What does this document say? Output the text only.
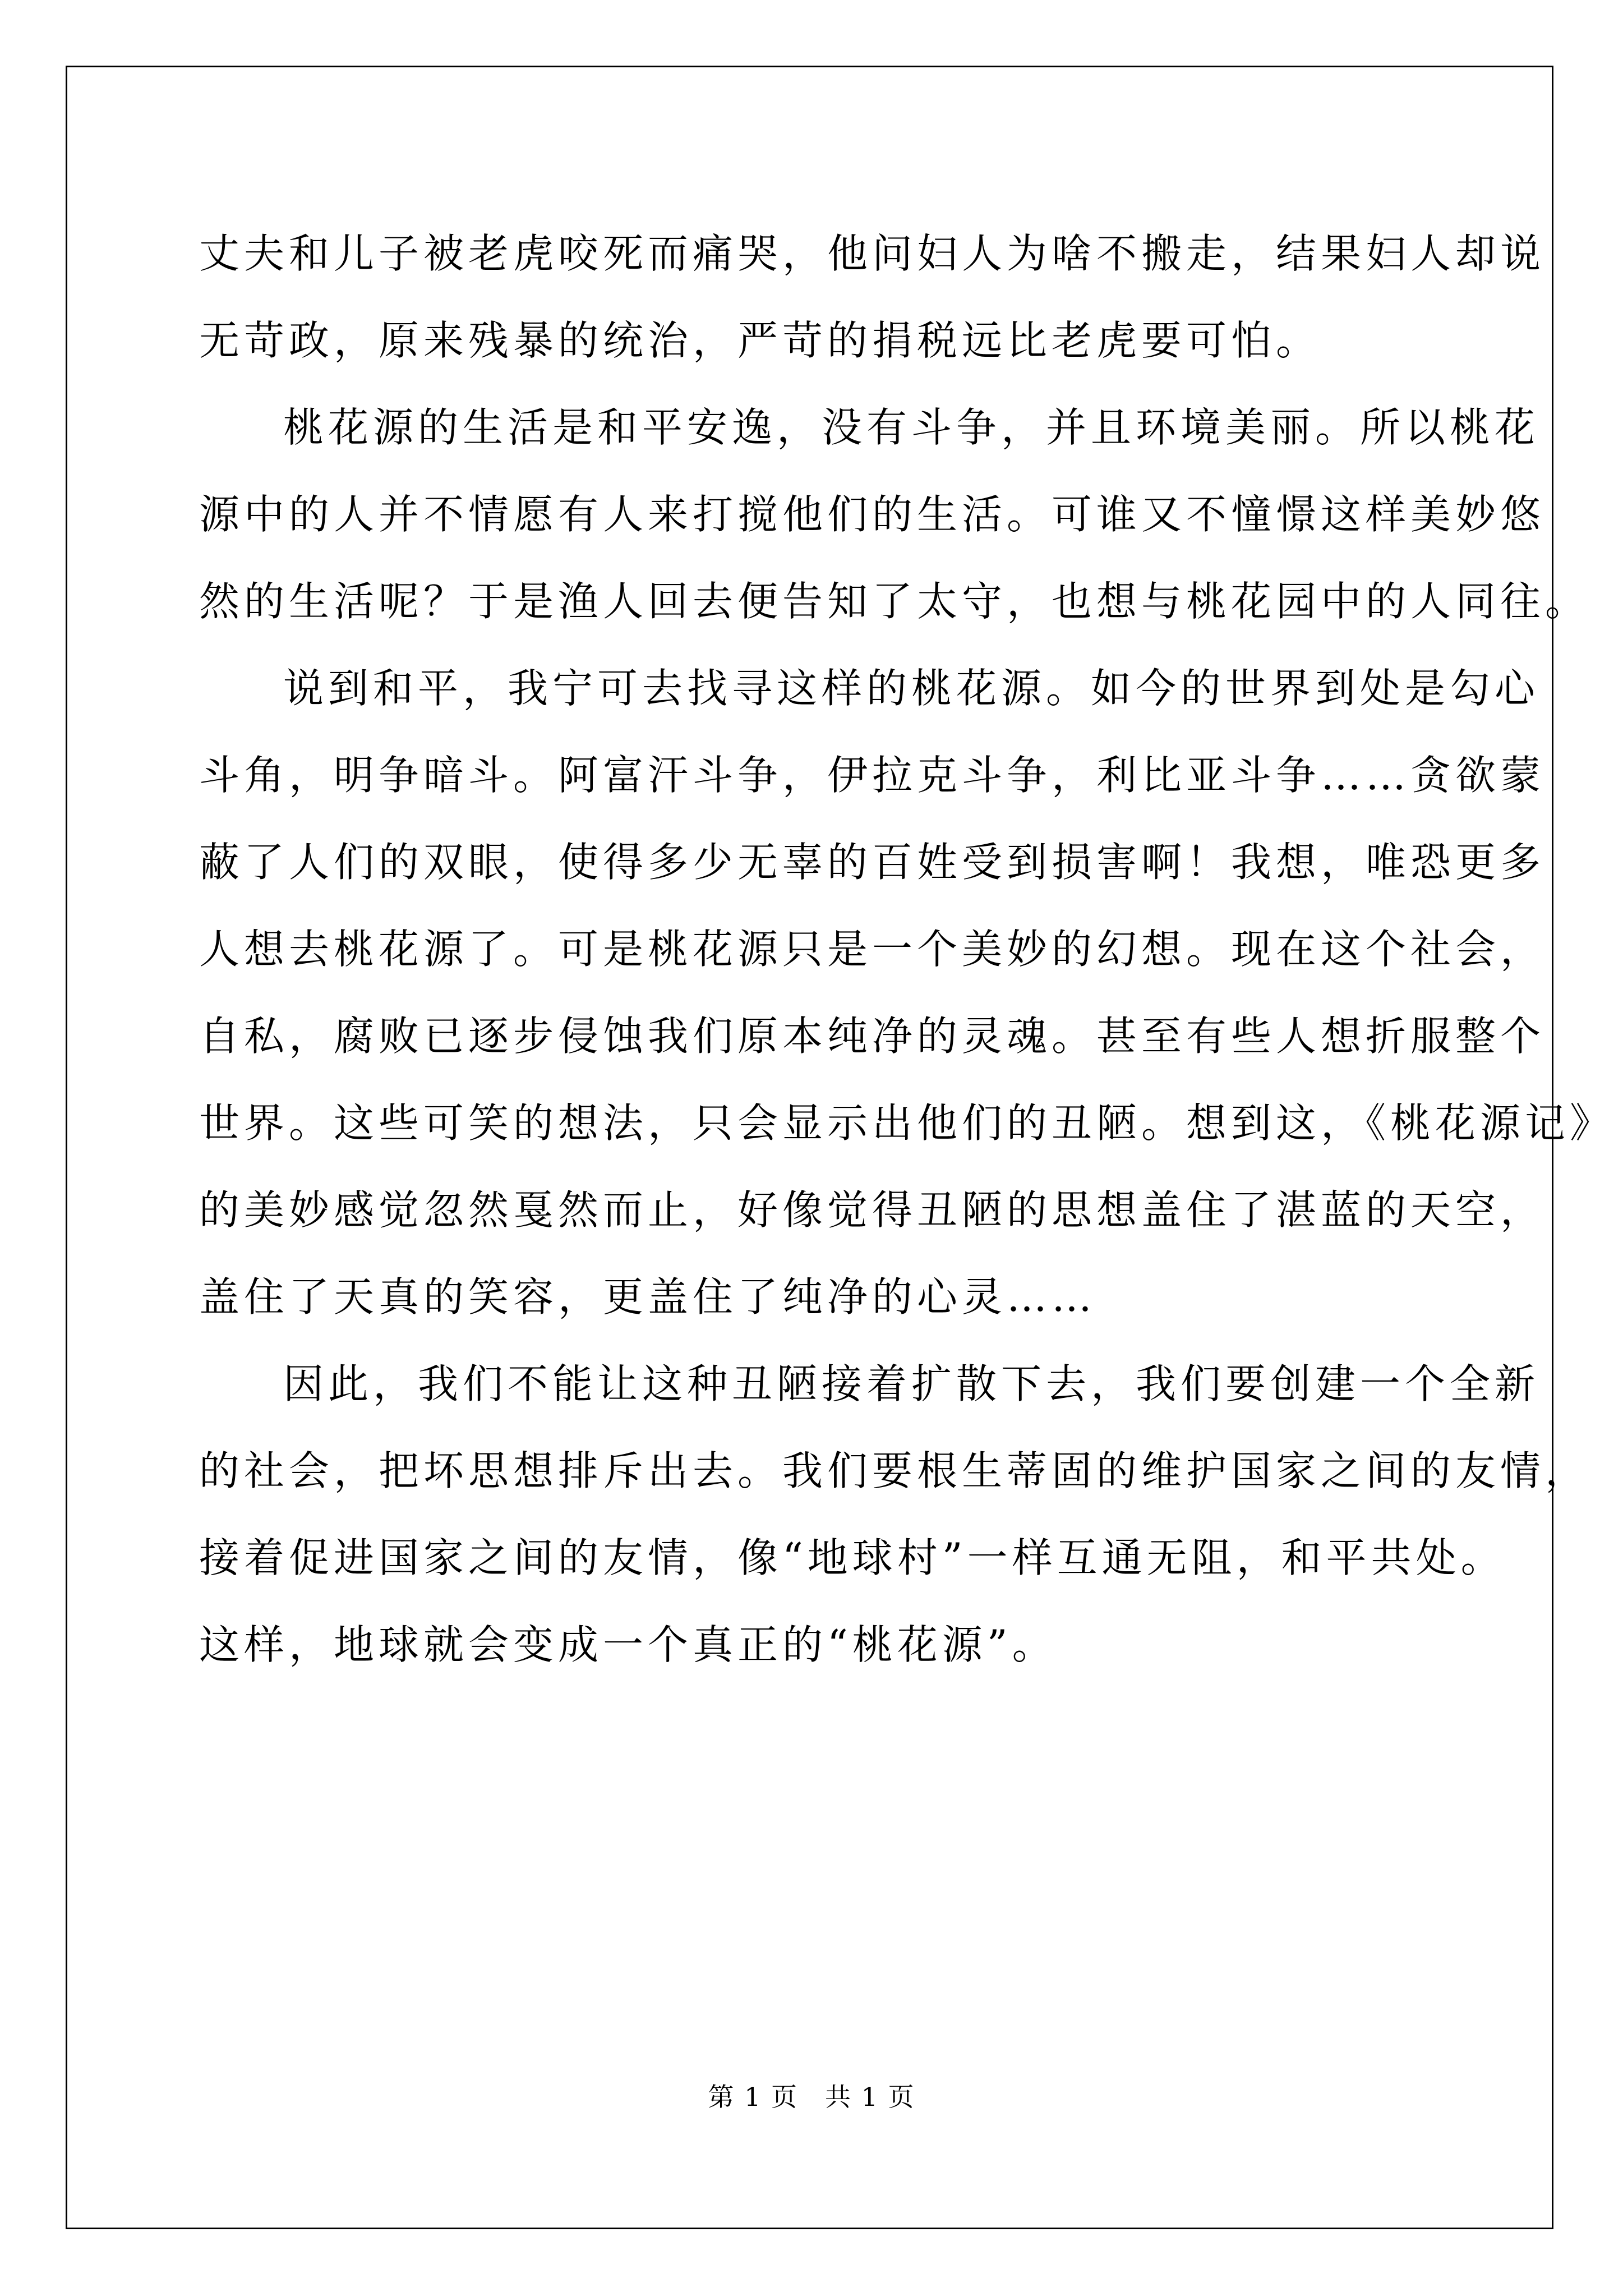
丈夫和儿子被老虎咬死而痛哭，他问妇人为啥不搬走，结果妇人却说
无苛政，原来残暴的统治，严苛的捐税远比老虎要可怕。
桃花源的生活是和平安逸，没有斗争，并且环境美丽。所以桃花
源中的人并不情愿有人来打搅他们的生活。可谁又不憧憬这样美妙悠
然的生活呢？于是渔人回去便告知了太守，也想与桃花园中的人同往。
说到和平，我宁可去找寻这样的桃花源。如今的世界到处是勾心
斗角，明争暗斗。阿富汗斗争，伊拉克斗争，利比亚斗争……贪欲蒙
蔽了人们的双眼，使得多少无辜的百姓受到损害啊！我想，唯恐更多
人想去桃花源了。可是桃花源只是一个美妙的幻想。现在这个社会，
自私，腐败已逐步侵蚀我们原本纯净的灵魂。甚至有些人想折服整个
世界。这些可笑的想法，只会显示出他们的丑陋。想到这，《桃花源记》
的美妙感觉忽然戛然而止，好像觉得丑陋的思想盖住了湛蓝的天空，
盖住了天真的笑容，更盖住了纯净的心灵……
因此，我们不能让这种丑陋接着扩散下去，我们要创建一个全新
的社会，把坏思想排斥出去。我们要根生蒂固的维护国家之间的友情，
接着促进国家之间的友情，像“地球村”一样互通无阻，和平共处。
这样，地球就会变成一个真正的“桃花源”。
第 1 页　共 1 页
